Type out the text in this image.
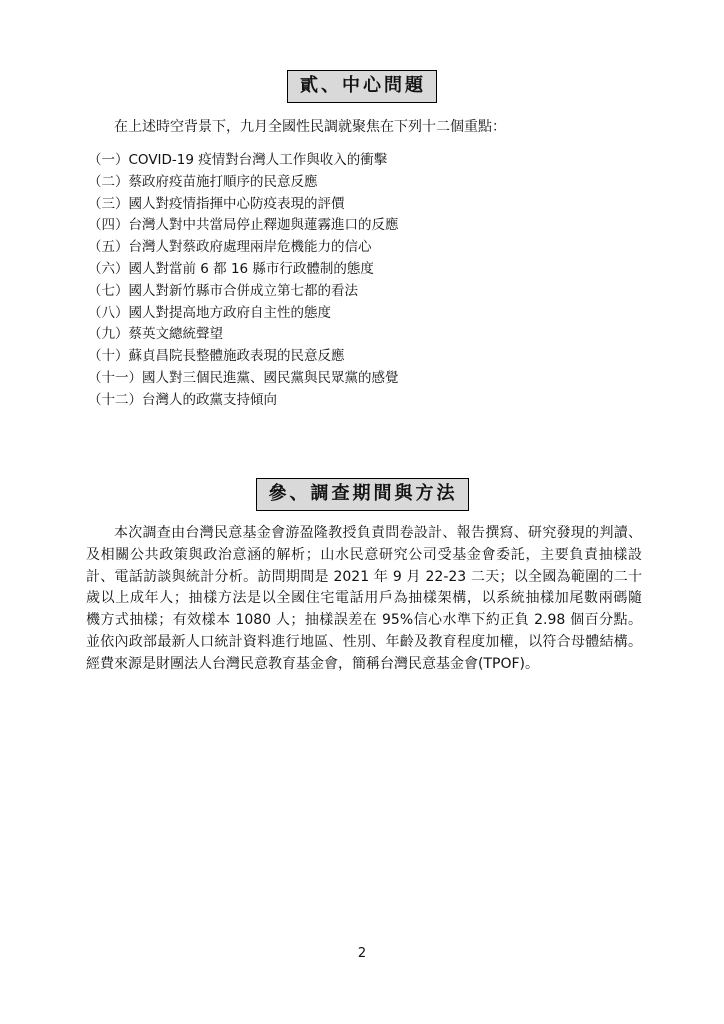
貳、中心問題
在上述時空背景下，九月全國性民調就聚焦在下列十二個重點：
（一）COVID-19 疫情對台灣人工作與收入的衝擊
（二）蔡政府疫苗施打順序的民意反應
（三）國人對疫情指揮中心防疫表現的評價
（四）台灣人對中共當局停止釋迦與蓮霧進口的反應
（五）台灣人對蔡政府處理兩岸危機能力的信心
（六）國人對當前 6 都 16 縣市行政體制的態度
（七）國人對新竹縣市合併成立第七都的看法
（八）國人對提高地方政府自主性的態度
（九）蔡英文總統聲望
（十）蘇貞昌院長整體施政表現的民意反應
（十一）國人對三個民進黨、國民黨與民眾黨的感覺
（十二）台灣人的政黨支持傾向
參、調查期間與方法

本次調查由台灣民意基金會游盈隆教授負責問卷設計、報告撰寫、研究發現的判讀、
及相關公共政策與政治意涵的解析；山水民意研究公司受基金會委託，主要負責抽樣設
計、電話訪談與統計分析。訪問期間是 2021 年 9 月 22-23 二天；以全國為範圍的二十
歲以上成年人；抽樣方法是以全國住宅電話用戶為抽樣架構，以系統抽樣加尾數兩碼隨
機方式抽樣；有效樣本 1080 人；抽樣誤差在 95%信心水準下約正負 2.98 個百分點。
並依內政部最新人口統計資料進行地區、性別、年齡及教育程度加權，以符合母體結構。
經費來源是財團法人台灣民意教育基金會，簡稱台灣民意基金會(TPOF)。

2
